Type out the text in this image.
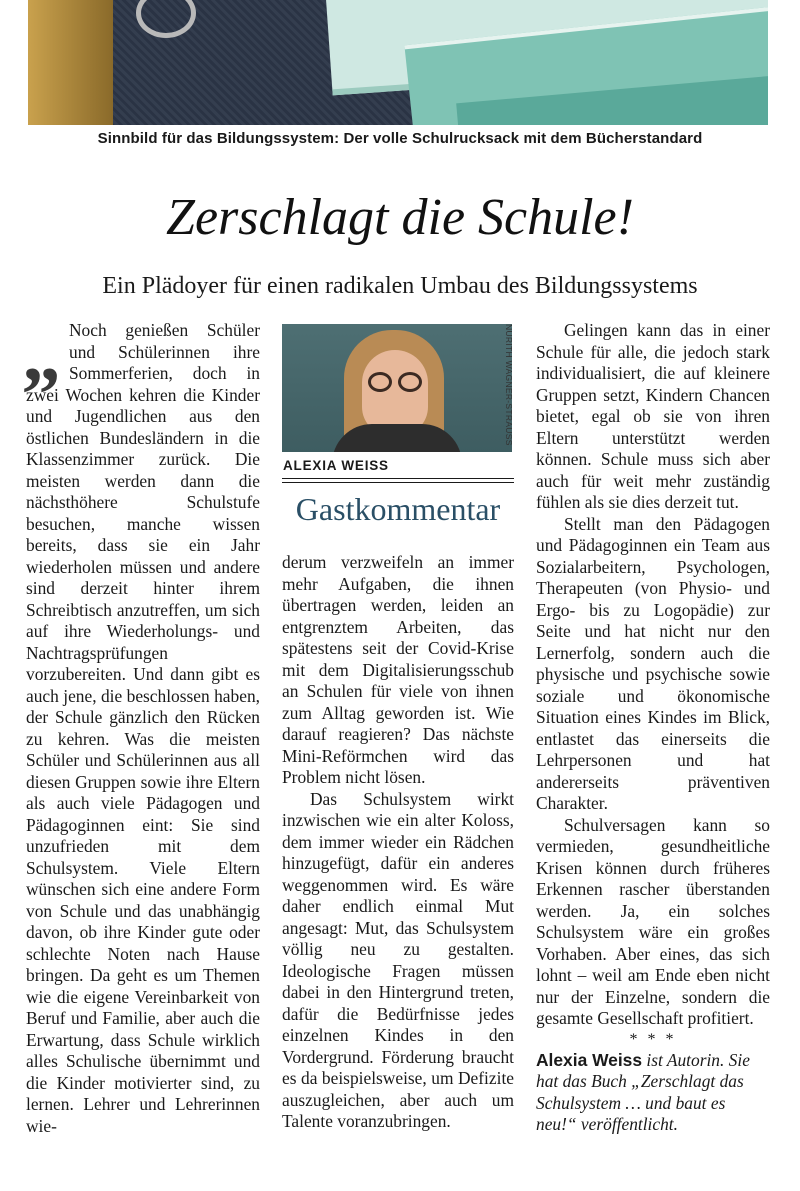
Sinnbild für das Bildungssystem: Der volle Schulrucksack mit dem Bücherstandard
Zerschlagt die Schule!
Ein Plädoyer für einen radikalen Umbau des Bildungssystems
„ Noch genießen Schüler und Schülerinnen ihre Sommerferien, doch in zwei Wochen kehren die Kinder und Jugendlichen aus den östlichen Bundesländern in die Klassenzimmer zurück. Die meisten werden dann die nächsthöhere Schulstufe besuchen, manche wissen bereits, dass sie ein Jahr wiederholen müssen und andere sind derzeit hinter ihrem Schreibtisch anzutreffen, um sich auf ihre Wiederholungs- und Nachtragsprüfungen vorzubereiten. Und dann gibt es auch jene, die beschlossen haben, der Schule gänzlich den Rücken zu kehren. Was die meisten Schüler und Schülerinnen aus all diesen Gruppen sowie ihre Eltern als auch viele Pädagogen und Pädagoginnen eint: Sie sind unzufrieden mit dem Schulsystem. Viele Eltern wünschen sich eine andere Form von Schule und das unabhängig davon, ob ihre Kinder gute oder schlechte Noten nach Hause bringen. Da geht es um Themen wie die eigene Vereinbarkeit von Beruf und Familie, aber auch die Erwartung, dass Schule wirklich alles Schulische übernimmt und die Kinder motivierter sind, zu lernen. Lehrer und Lehrerinnen wie-

NURITH WAGNER-STRAUSS
ALEXIA WEISS
Gastkommentar

derum verzweifeln an immer mehr Aufgaben, die ihnen übertragen werden, leiden an entgrenztem Arbeiten, das spätestens seit der Covid-Krise mit dem Digitalisierungsschub an Schulen für viele von ihnen zum Alltag geworden ist. Wie darauf reagieren? Das nächste Mini-Reförmchen wird das Problem nicht lösen.

Das Schulsystem wirkt inzwischen wie ein alter Koloss, dem immer wieder ein Rädchen hinzugefügt, dafür ein anderes weggenommen wird. Es wäre daher endlich einmal Mut angesagt: Mut, das Schulsystem völlig neu zu gestalten. Ideologische Fragen müssen dabei in den Hintergrund treten, dafür die Bedürfnisse jedes einzelnen Kindes in den Vordergrund. Förderung braucht es da beispielsweise, um Defizite auszugleichen, aber auch um Talente voranzubringen.

Gelingen kann das in einer Schule für alle, die jedoch stark individualisiert, die auf kleinere Gruppen setzt, Kindern Chancen bietet, egal ob sie von ihren Eltern unterstützt werden können. Schule muss sich aber auch für weit mehr zuständig fühlen als sie dies derzeit tut.

Stellt man den Pädagogen und Pädagoginnen ein Team aus Sozialarbeitern, Psychologen, Therapeuten (von Physio- und Ergo- bis zu Logopädie) zur Seite und hat nicht nur den Lernerfolg, sondern auch die physische und psychische sowie soziale und ökonomische Situation eines Kindes im Blick, entlastet das einerseits die Lehrpersonen und hat andererseits präventiven Charakter.

Schulversagen kann so vermieden, gesundheitliche Krisen können durch früheres Erkennen rascher überstanden werden. Ja, ein solches Schulsystem wäre ein großes Vorhaben. Aber eines, das sich lohnt – weil am Ende eben nicht nur der Einzelne, sondern die gesamte Gesellschaft profitiert.

* * *

Alexia Weiss ist Autorin. Sie hat das Buch „Zerschlagt das Schulsystem … und baut es neu!“ veröffentlicht.
